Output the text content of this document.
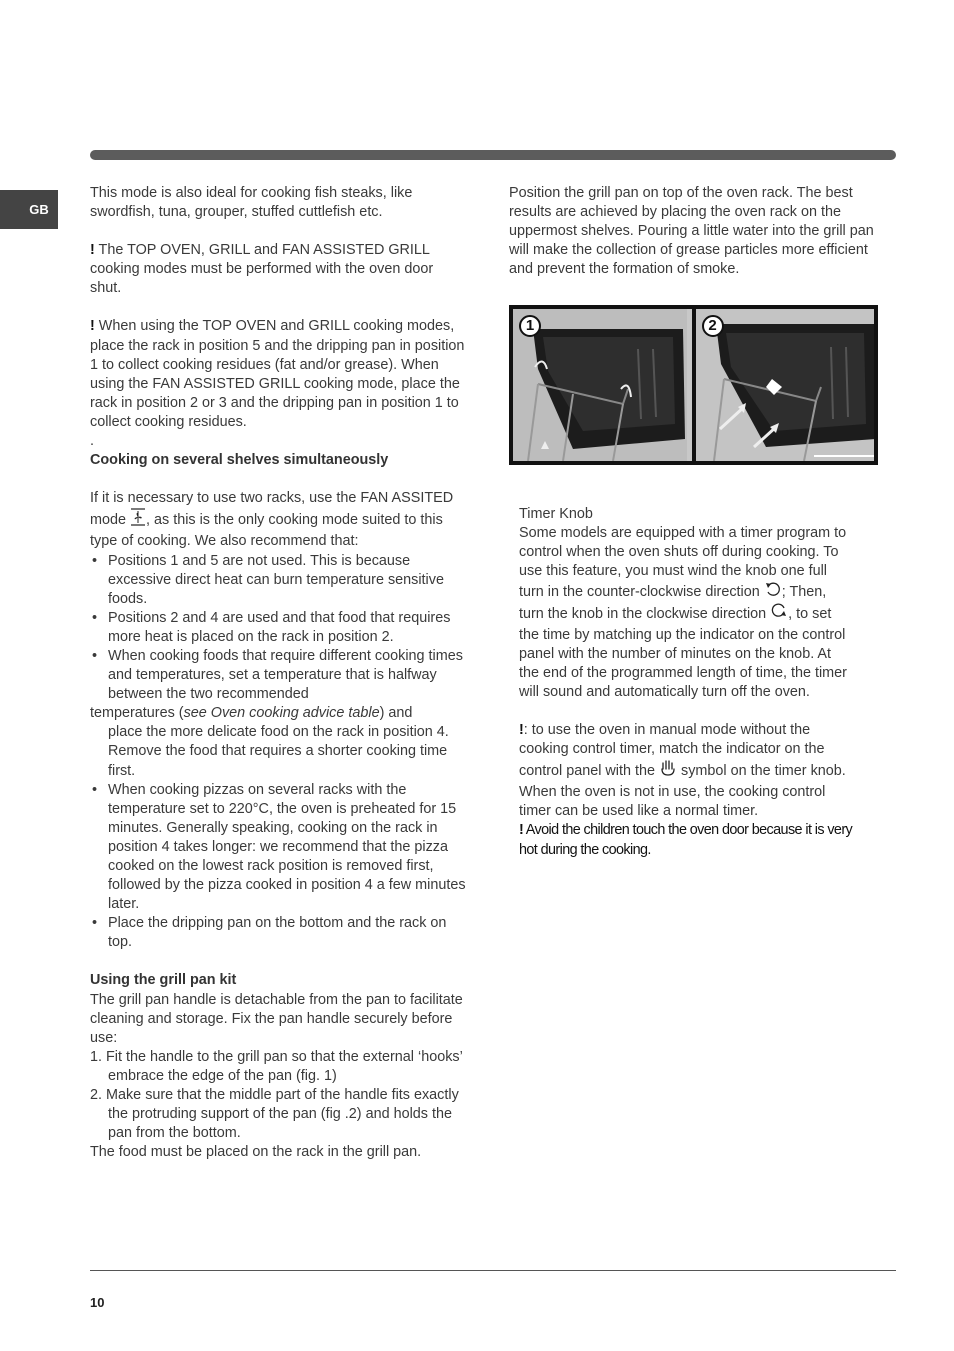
GB

This mode is also ideal for cooking fish steaks, like swordfish, tuna, grouper, stuffed cuttlefish etc.

! The TOP OVEN, GRILL and FAN ASSISTED GRILL cooking modes must be performed with the oven door shut.

! When using the TOP OVEN and GRILL cooking modes, place the rack in position 5 and the dripping pan in position 1 to collect cooking residues (fat and/or grease). When using the FAN ASSISTED GRILL cooking mode, place the rack in position 2 or 3 and the dripping pan in position 1 to collect cooking residues.

.

Cooking on several shelves simultaneously

If it is necessary to use two racks, use the FAN ASSITED mode , as this is the only cooking mode suited to this type of cooking. We also recommend that:

• Positions 1 and 5 are not used. This is because excessive direct heat can burn temperature sensitive foods.
• Positions 2 and 4 are used and that food that requires more heat is placed on the rack in position 2.
• When cooking foods that require different cooking times and temperatures, set a temperature that is halfway between the two recommended

temperatures (see Oven cooking advice table) and

place the more delicate food on the rack in position 4. Remove the food that requires a shorter cooking time first.

• When cooking pizzas on several racks with the temperature set to 220°C, the oven is preheated for 15 minutes. Generally speaking, cooking on the rack in position 4 takes longer: we recommend that the pizza cooked on the lowest rack position is removed first, followed by the pizza cooked in position 4 a few minutes later.
• Place the dripping pan on the bottom and the rack on top.

Using the grill pan kit

The grill pan handle is detachable from the pan to facilitate cleaning and storage. Fix the pan handle securely before use:

1. Fit the handle to the grill pan so that the external ‘hooks’ embrace the edge of the pan (fig. 1)
2. Make sure that the middle part of the handle fits exactly the protruding support of the pan (fig .2) and holds the pan from the bottom.

The food must be placed on the rack in the grill pan.

Position the grill pan on top of the oven rack. The best results are achieved by placing the oven rack on the uppermost shelves. Pouring a little water into the grill pan will make the collection of grease particles more efficient and prevent the formation of smoke.

1	2

Timer Knob

Some models are equipped with a timer program to control when the oven shuts off during cooking. To use this feature, you must wind the knob one full turn in the counter-clockwise direction ; Then, turn the knob in the clockwise direction , to set the time by matching up the indicator on the control panel with the number of minutes on the knob. At the end of the programmed length of time, the timer will sound and automatically turn off the oven.

!: to use the oven in manual mode without the cooking control timer, match the indicator on the control panel with the  symbol on the timer knob. When the oven is not in use, the cooking control timer can be used like a normal timer.

! Avoid the children touch the oven door because it is very hot during the cooking.

10
